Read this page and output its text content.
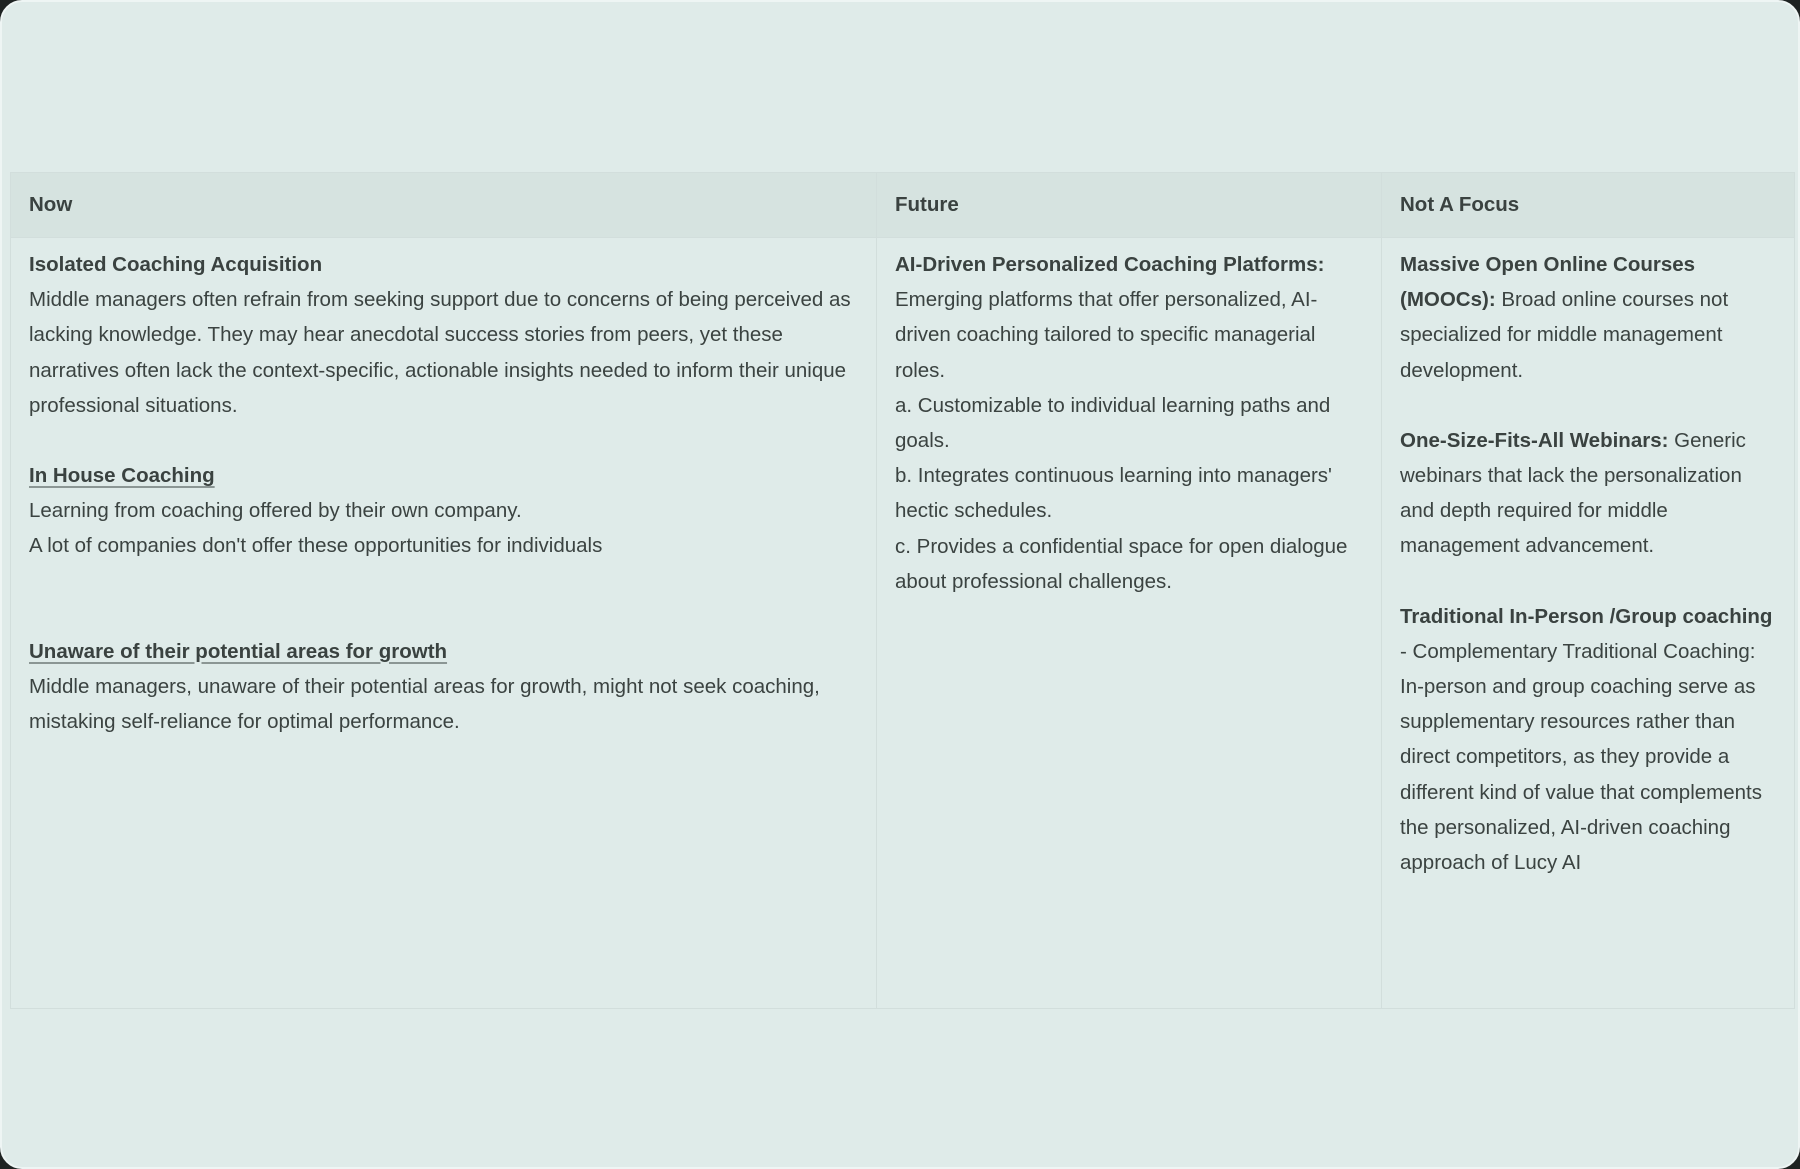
Now	Future	Not A Focus

Isolated Coaching Acquisition
Middle managers often refrain from seeking support due to concerns of being perceived as lacking knowledge. They may hear anecdotal success stories from peers, yet these narratives often lack the context-specific, actionable insights needed to inform their unique professional situations.
In House Coaching
Learning from coaching offered by their own company.
A lot of companies don't offer these opportunities for individuals
Unaware of their potential areas for growth
Middle managers, unaware of their potential areas for growth, might not seek coaching, mistaking self-reliance for optimal performance.

AI-Driven Personalized Coaching Platforms: Emerging platforms that offer personalized, AI-driven coaching tailored to specific managerial roles.
a. Customizable to individual learning paths and goals.
b. Integrates continuous learning into managers' hectic schedules.
c. Provides a confidential space for open dialogue about professional challenges.

Massive Open Online Courses (MOOCs): Broad online courses not specialized for middle management development.
One-Size-Fits-All Webinars: Generic webinars that lack the personalization and depth required for middle management advancement.
Traditional In-Person /Group coaching - Complementary Traditional Coaching: In-person and group coaching serve as supplementary resources rather than direct competitors, as they provide a different kind of value that complements the personalized, AI-driven coaching approach of Lucy AI
